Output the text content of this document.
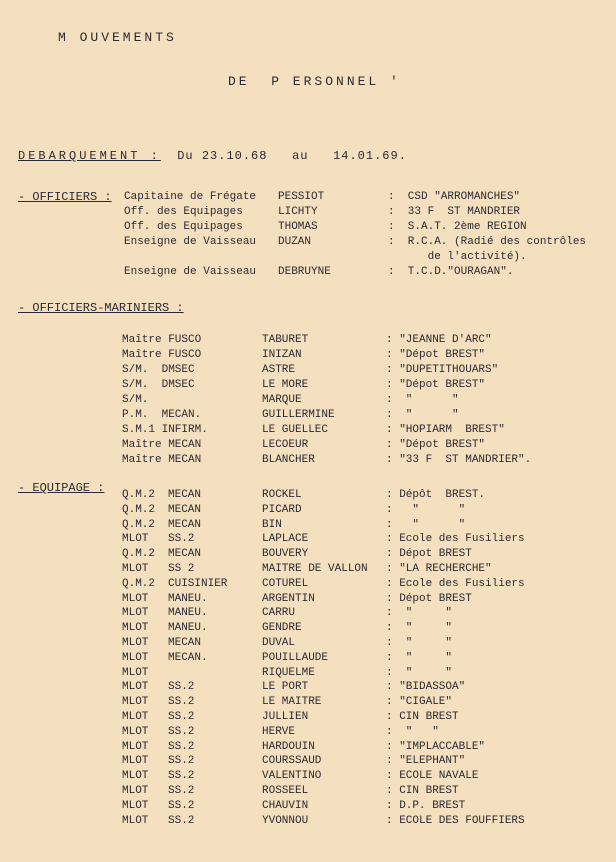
M OUVEMENTS
DE  P ERSONNEL '
DEBARQUEMENT : Du 23.10.68 au 14.01.69.
- OFFICIERS : Capitaine de Frégate PESSIOT	:  CSD "ARROMANCHES"
Off. des Equipages	LICHTY	:  33 F  ST MANDRIER
Off. des Equipages	THOMAS	:  S.A.T. 2ème REGION
Enseigne de Vaisseau DUZAN	:  R.C.A. (Radié des contrôles
de l'activité).
Enseigne de Vaisseau DEBRUYNE	:  T.C.D."OURAGAN".
- OFFICIERS-MARINIERS :
Maître FUSCO	TABURET	: "JEANNE D'ARC"
Maître FUSCO	INIZAN	: "Dépot BREST"
S/M.  DMSEC	ASTRE	: "DUPETITHOUARS"
S/M.  DMSEC	LE MORE	: "Dépot BREST"
S/M.	MARQUE	:  "      "
P.M.  MECAN.	GUILLERMINE	:  "      "
S.M.1 INFIRM.	LE GUELLEC	: "HOPIARM  BREST"
Maître MECAN	LECOEUR	: "Dépot BREST"
Maître MECAN	BLANCHER	: "33 F  ST MANDRIER".
- EQUIPAGE : Q.M.2 MECAN	ROCKEL	: Dépôt  BREST.
Q.M.2 MECAN	PICARD	:   "      "
Q.M.2 MECAN	BIN	:   "      "
MLOT SS.2	LAPLACE	: Ecole des Fusiliers
Q.M.2 MECAN	BOUVERY	: Dépot BREST
MLOT SS 2	MAITRE DE VALLON : "LA RECHERCHE"
Q.M.2 CUISINIER	COTUREL	: Ecole des Fusiliers
MLOT MANEU.	ARGENTIN	: Dépot BREST
MLOT MANEU.	CARRU	:  "     "
MLOT MANEU.	GENDRE	:  "     "
MLOT MECAN	DUVAL	:  "     "
MLOT MECAN.	POUILLAUDE	:  "     "
MLOT	RIQUELME	:  "     "
MLOT SS.2	LE PORT	: "BIDASSOA"
MLOT SS.2	LE MAITRE	: "CIGALE"
MLOT SS.2	JULLIEN	: CIN BREST
MLOT SS.2	HERVE	:  "   "
MLOT SS.2	HARDOUIN	: "IMPLACCABLE"
MLOT SS.2	COURSSAUD	: "ELEPHANT"
MLOT SS.2	VALENTINO	: ECOLE NAVALE
MLOT SS.2	ROSSEEL	: CIN BREST
MLOT SS.2	CHAUVIN	: D.P. BREST
MLOT SS.2	YVONNOU	: ECOLE DES FOUFFIERS
